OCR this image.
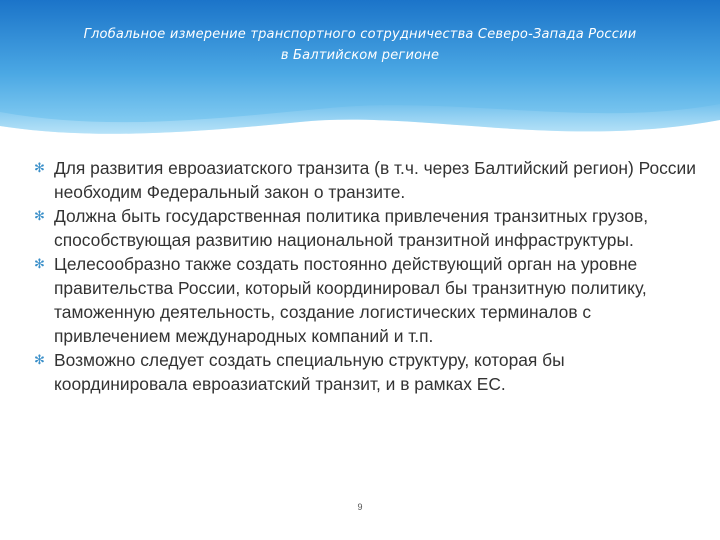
Глобальное измерение транспортного сотрудничества Северо-Запада России
в Балтийском регионе
✻ Для развития евроазиатского транзита (в т.ч. через Балтийский регион) России необходим Федеральный закон о транзите.
✻ Должна быть государственная политика привлечения транзитных грузов, способствующая развитию национальной транзитной инфраструктуры.
✻ Целесообразно также создать постоянно действующий орган на уровне правительства России, который координировал бы транзитную политику, таможенную деятельность, создание логистических терминалов с привлечением международных компаний и т.п.
✻ Возможно следует создать специальную структуру, которая бы координировала евроазиатский транзит, и в рамках ЕС.
9
